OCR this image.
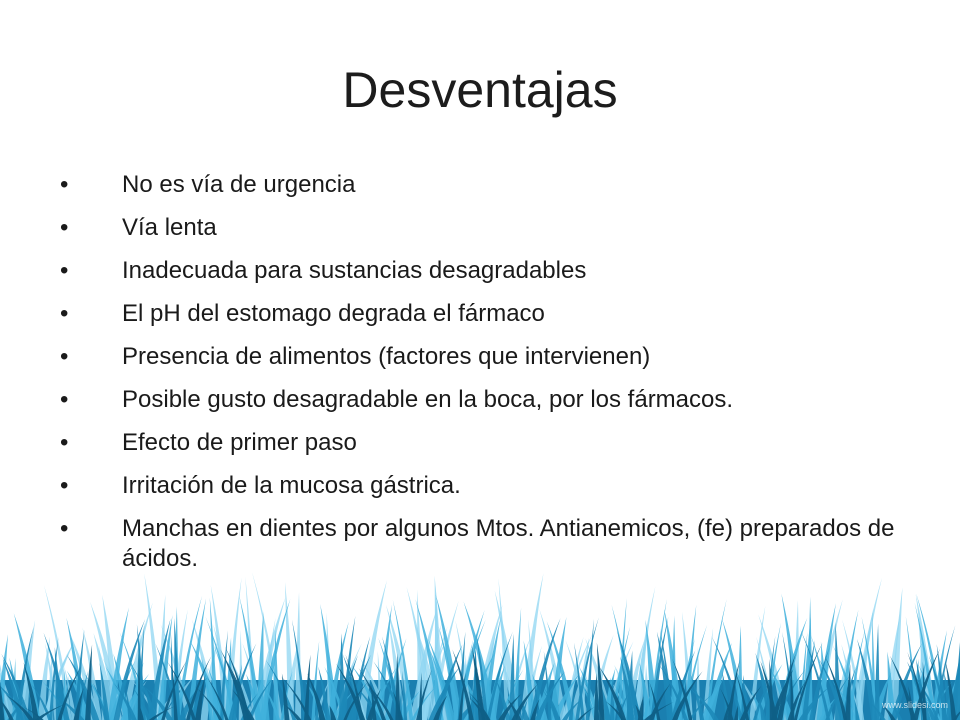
Desventajas
• No es vía de urgencia
• Vía lenta
• Inadecuada para sustancias desagradables
• El pH del estomago degrada el fármaco
• Presencia de alimentos (factores que intervienen)
• Posible gusto desagradable en la boca, por los fármacos.
• Efecto de primer paso
• Irritación de la mucosa gástrica.
• Manchas en dientes por algunos Mtos. Antianemicos, (fe) preparados de ácidos.
www.slidesi.com
